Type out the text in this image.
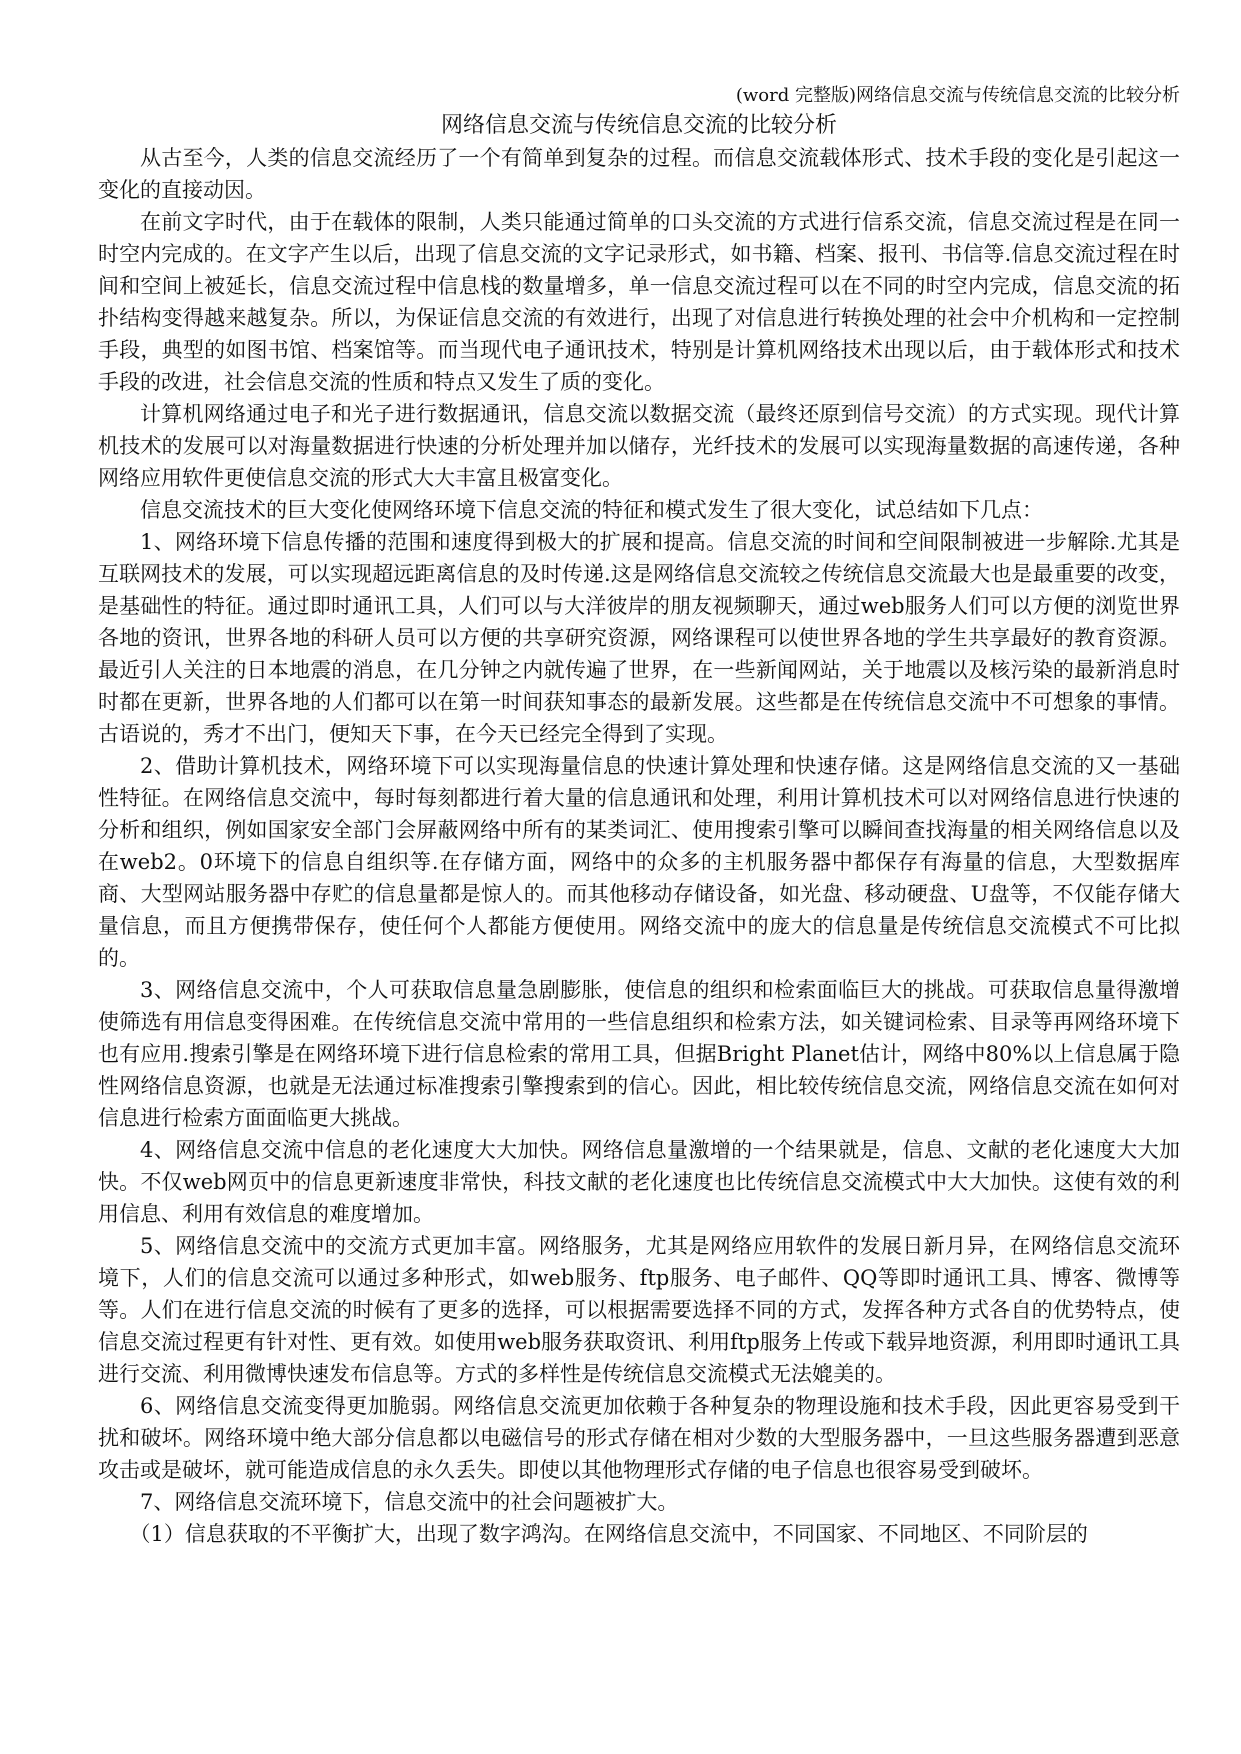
(word 完整版)网络信息交流与传统信息交流的比较分析
网络信息交流与传统信息交流的比较分析

从古至今，人类的信息交流经历了一个有简单到复杂的过程。而信息交流载体形式、技术手段的变化是引起这一变化的直接动因。

在前文字时代，由于在载体的限制，人类只能通过简单的口头交流的方式进行信系交流，信息交流过程是在同一时空内完成的。在文字产生以后，出现了信息交流的文字记录形式，如书籍、档案、报刊、书信等.信息交流过程在时间和空间上被延长，信息交流过程中信息栈的数量增多，单一信息交流过程可以在不同的时空内完成，信息交流的拓扑结构变得越来越复杂。所以，为保证信息交流的有效进行，出现了对信息进行转换处理的社会中介机构和一定控制手段，典型的如图书馆、档案馆等。而当现代电子通讯技术，特别是计算机网络技术出现以后，由于载体形式和技术手段的改进，社会信息交流的性质和特点又发生了质的变化。

计算机网络通过电子和光子进行数据通讯，信息交流以数据交流（最终还原到信号交流）的方式实现。现代计算机技术的发展可以对海量数据进行快速的分析处理并加以储存，光纤技术的发展可以实现海量数据的高速传递，各种网络应用软件更使信息交流的形式大大丰富且极富变化。

信息交流技术的巨大变化使网络环境下信息交流的特征和模式发生了很大变化，试总结如下几点：

1、网络环境下信息传播的范围和速度得到极大的扩展和提高。信息交流的时间和空间限制被进一步解除.尤其是互联网技术的发展，可以实现超远距离信息的及时传递.这是网络信息交流较之传统信息交流最大也是最重要的改变，是基础性的特征。通过即时通讯工具，人们可以与大洋彼岸的朋友视频聊天，通过web服务人们可以方便的浏览世界各地的资讯，世界各地的科研人员可以方便的共享研究资源，网络课程可以使世界各地的学生共享最好的教育资源。最近引人关注的日本地震的消息，在几分钟之内就传遍了世界，在一些新闻网站，关于地震以及核污染的最新消息时时都在更新，世界各地的人们都可以在第一时间获知事态的最新发展。这些都是在传统信息交流中不可想象的事情。古语说的，秀才不出门，便知天下事，在今天已经完全得到了实现。

2、借助计算机技术，网络环境下可以实现海量信息的快速计算处理和快速存储。这是网络信息交流的又一基础性特征。在网络信息交流中，每时每刻都进行着大量的信息通讯和处理，利用计算机技术可以对网络信息进行快速的分析和组织，例如国家安全部门会屏蔽网络中所有的某类词汇、使用搜索引擎可以瞬间查找海量的相关网络信息以及在web2。0环境下的信息自组织等.在存储方面，网络中的众多的主机服务器中都保存有海量的信息，大型数据库商、大型网站服务器中存贮的信息量都是惊人的。而其他移动存储设备，如光盘、移动硬盘、U盘等，不仅能存储大量信息，而且方便携带保存，使任何个人都能方便使用。网络交流中的庞大的信息量是传统信息交流模式不可比拟的。

3、网络信息交流中，个人可获取信息量急剧膨胀，使信息的组织和检索面临巨大的挑战。可获取信息量得激增使筛选有用信息变得困难。在传统信息交流中常用的一些信息组织和检索方法，如关键词检索、目录等再网络环境下也有应用.搜索引擎是在网络环境下进行信息检索的常用工具，但据Bright Planet估计，网络中80%以上信息属于隐性网络信息资源，也就是无法通过标准搜索引擎搜索到的信心。因此，相比较传统信息交流，网络信息交流在如何对信息进行检索方面面临更大挑战。

4、网络信息交流中信息的老化速度大大加快。网络信息量激增的一个结果就是，信息、文献的老化速度大大加快。不仅web网页中的信息更新速度非常快，科技文献的老化速度也比传统信息交流模式中大大加快。这使有效的利用信息、利用有效信息的难度增加。

5、网络信息交流中的交流方式更加丰富。网络服务，尤其是网络应用软件的发展日新月异，在网络信息交流环境下，人们的信息交流可以通过多种形式，如web服务、ftp服务、电子邮件、QQ等即时通讯工具、博客、微博等等。人们在进行信息交流的时候有了更多的选择，可以根据需要选择不同的方式，发挥各种方式各自的优势特点，使信息交流过程更有针对性、更有效。如使用web服务获取资讯、利用ftp服务上传或下载异地资源，利用即时通讯工具进行交流、利用微博快速发布信息等。方式的多样性是传统信息交流模式无法媲美的。

6、网络信息交流变得更加脆弱。网络信息交流更加依赖于各种复杂的物理设施和技术手段，因此更容易受到干扰和破坏。网络环境中绝大部分信息都以电磁信号的形式存储在相对少数的大型服务器中，一旦这些服务器遭到恶意攻击或是破坏，就可能造成信息的永久丢失。即使以其他物理形式存储的电子信息也很容易受到破坏。

7、网络信息交流环境下，信息交流中的社会问题被扩大。

（1）信息获取的不平衡扩大，出现了数字鸿沟。在网络信息交流中，不同国家、不同地区、不同阶层的
